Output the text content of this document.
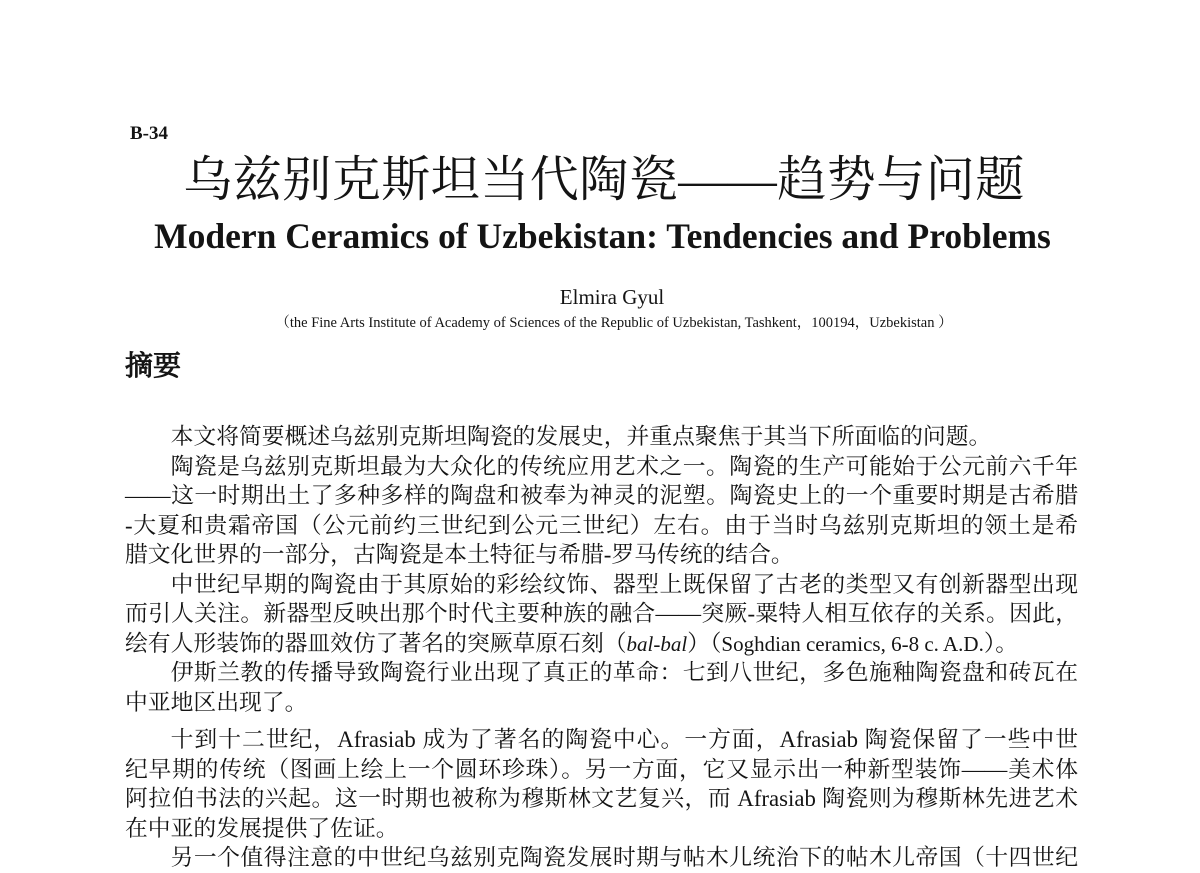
B-34
乌兹别克斯坦当代陶瓷——趋势与问题
Modern Ceramics of Uzbekistan: Tendencies and Problems
Elmira Gyul
（the Fine Arts Institute of Academy of Sciences of the Republic of Uzbekistan, Tashkent，100194，Uzbekistan ）
摘要
本文将简要概述乌兹别克斯坦陶瓷的发展史，并重点聚焦于其当下所面临的问题。
陶瓷是乌兹别克斯坦最为大众化的传统应用艺术之一。陶瓷的生产可能始于公元前六千年
——这一时期出土了多种多样的陶盘和被奉为神灵的泥塑。陶瓷史上的一个重要时期是古希腊
-大夏和贵霜帝国（公元前约三世纪到公元三世纪）左右。由于当时乌兹别克斯坦的领土是希
腊文化世界的一部分，古陶瓷是本土特征与希腊-罗马传统的结合。
中世纪早期的陶瓷由于其原始的彩绘纹饰、器型上既保留了古老的类型又有创新器型出现
而引人关注。新器型反映出那个时代主要种族的融合——突厥-粟特人相互依存的关系。因此，
绘有人形装饰的器皿效仿了著名的突厥草原石刻（bal-bal）（Soghdian ceramics, 6-8 c. A.D.）。
伊斯兰教的传播导致陶瓷行业出现了真正的革命：七到八世纪，多色施釉陶瓷盘和砖瓦在
中亚地区出现了。
十到十二世纪，Afrasiab 成为了著名的陶瓷中心。一方面，Afrasiab 陶瓷保留了一些中世
纪早期的传统（图画上绘上一个圆环珍珠）。另一方面，它又显示出一种新型装饰——美术体
阿拉伯书法的兴起。这一时期也被称为穆斯林文艺复兴，而 Afrasiab 陶瓷则为穆斯林先进艺术
在中亚的发展提供了佐证。
另一个值得注意的中世纪乌兹别克陶瓷发展时期与帖木儿统治下的帖木儿帝国（十四世纪
